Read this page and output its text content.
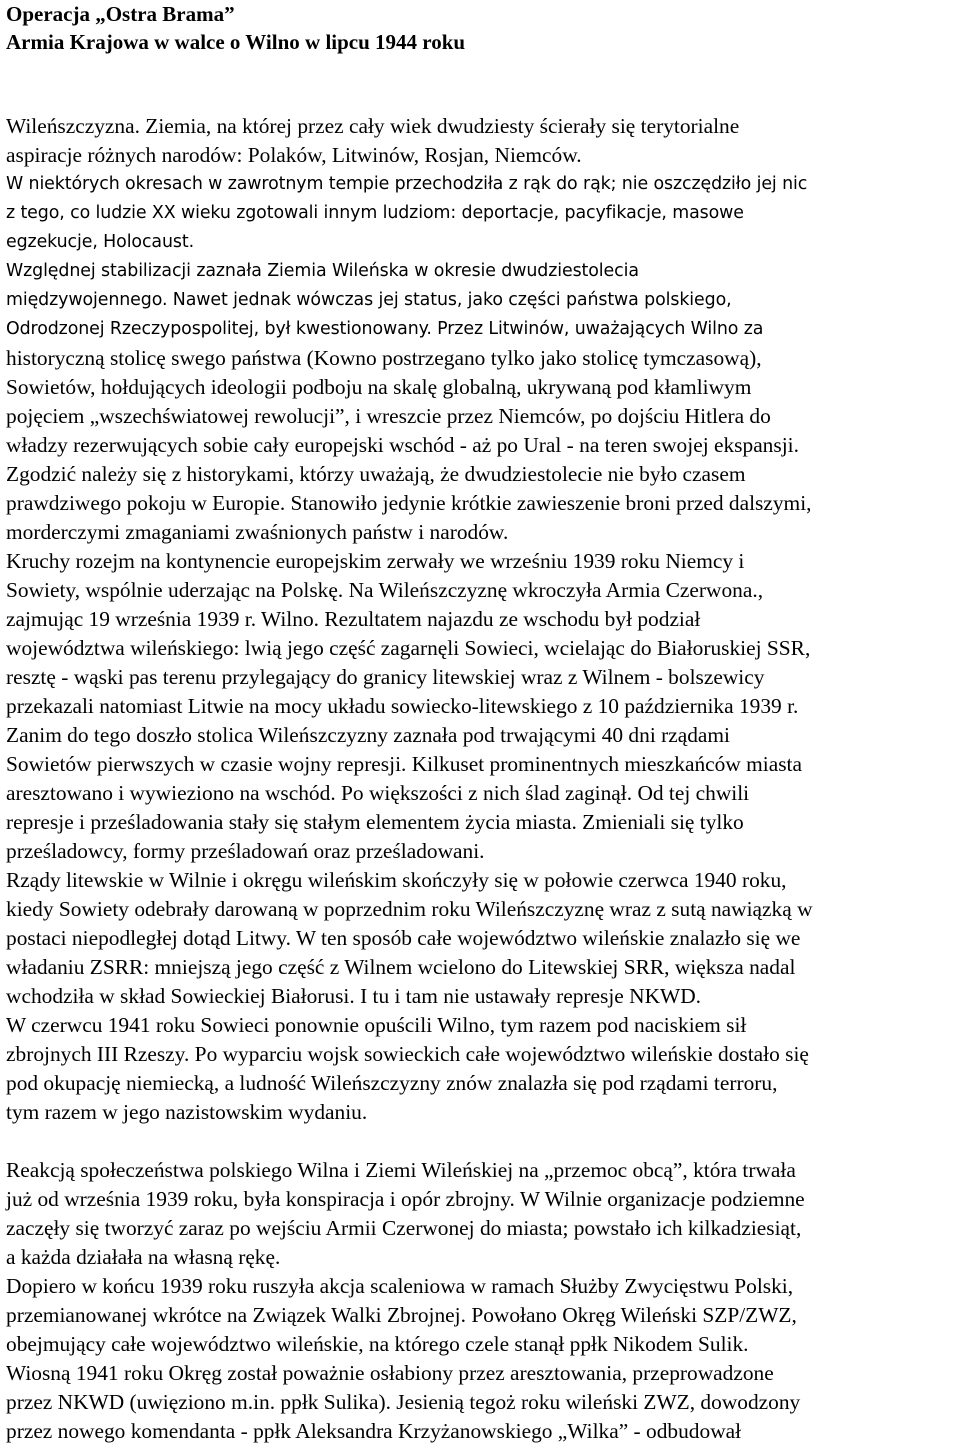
Operacja „Ostra Brama”
Armia Krajowa w walce o Wilno w lipcu 1944 roku
Wileńszczyzna. Ziemia, na której przez cały wiek dwudziesty ścierały się terytorialne
aspiracje różnych narodów: Polaków, Litwinów, Rosjan, Niemców.
W niektórych okresach w zawrotnym tempie przechodziła z rąk do rąk; nie oszczędziło jej nic
z tego, co ludzie XX wieku zgotowali innym ludziom: deportacje, pacyfikacje, masowe
egzekucje, Holocaust.
Względnej stabilizacji zaznała Ziemia Wileńska w okresie dwudziestolecia
międzywojennego. Nawet jednak wówczas jej status, jako części państwa polskiego,
Odrodzonej Rzeczypospolitej, był kwestionowany. Przez Litwinów, uważających Wilno za
historyczną stolicę swego państwa (Kowno postrzegano tylko jako stolicę tymczasową),
Sowietów, hołdujących ideologii podboju na skalę globalną, ukrywaną pod kłamliwym
pojęciem „wszechświatowej rewolucji”, i wreszcie przez Niemców, po dojściu Hitlera do
władzy rezerwujących sobie cały europejski wschód - aż po Ural - na teren swojej ekspansji.
Zgodzić należy się z historykami, którzy uważają, że dwudziestolecie nie było czasem
prawdziwego pokoju w Europie. Stanowiło jedynie krótkie zawieszenie broni przed dalszymi,
morderczymi zmaganiami zwaśnionych państw i narodów.
Kruchy rozejm na kontynencie europejskim zerwały we wrześniu 1939 roku Niemcy i
Sowiety, wspólnie uderzając na Polskę. Na Wileńszczyznę wkroczyła Armia Czerwona.,
zajmując 19 września 1939 r. Wilno. Rezultatem najazdu ze wschodu był podział
województwa wileńskiego: lwią jego część zagarnęli Sowieci, wcielając do Białoruskiej SSR,
resztę - wąski pas terenu przylegający do granicy litewskiej wraz z Wilnem - bolszewicy
przekazali natomiast Litwie na mocy układu sowiecko-litewskiego z 10 października 1939 r.
Zanim do tego doszło stolica Wileńszczyzny zaznała pod trwającymi 40 dni rządami
Sowietów pierwszych w czasie wojny represji. Kilkuset prominentnych mieszkańców miasta
aresztowano i wywieziono na wschód. Po większości z nich ślad zaginął. Od tej chwili
represje i prześladowania stały się stałym elementem życia miasta. Zmieniali się tylko
prześladowcy, formy prześladowań oraz prześladowani.
Rządy litewskie w Wilnie i okręgu wileńskim skończyły się w połowie czerwca 1940 roku,
kiedy Sowiety odebrały darowaną w poprzednim roku Wileńszczyznę wraz z sutą nawiązką w
postaci niepodległej dotąd Litwy. W ten sposób całe województwo wileńskie znalazło się we
władaniu ZSRR: mniejszą jego część z Wilnem wcielono do Litewskiej SRR, większa nadal
wchodziła w skład Sowieckiej Białorusi. I tu i tam nie ustawały represje NKWD.
W czerwcu 1941 roku Sowieci ponownie opuścili Wilno, tym razem pod naciskiem sił
zbrojnych III Rzeszy. Po wyparciu wojsk sowieckich całe województwo wileńskie dostało się
pod okupację niemiecką, a ludność Wileńszczyzny znów znalazła się pod rządami terroru,
tym razem w jego nazistowskim wydaniu.
Reakcją społeczeństwa polskiego Wilna i Ziemi Wileńskiej na „przemoc obcą”, która trwała
już od września 1939 roku, była konspiracja i opór zbrojny. W Wilnie organizacje podziemne
zaczęły się tworzyć zaraz po wejściu Armii Czerwonej do miasta; powstało ich kilkadziesiąt,
a każda działała na własną rękę.
Dopiero w końcu 1939 roku ruszyła akcja scaleniowa w ramach Służby Zwycięstwu Polski,
przemianowanej wkrótce na Związek Walki Zbrojnej. Powołano Okręg Wileński SZP/ZWZ,
obejmujący całe województwo wileńskie, na którego czele stanął ppłk Nikodem Sulik.
Wiosną 1941 roku Okręg został poważnie osłabiony przez aresztowania, przeprowadzone
przez NKWD (uwięziono m.in. ppłk Sulika). Jesienią tegoż roku wileński ZWZ, dowodzony
przez nowego komendanta - ppłk Aleksandra Krzyżanowskiego „Wilka” - odbudował
